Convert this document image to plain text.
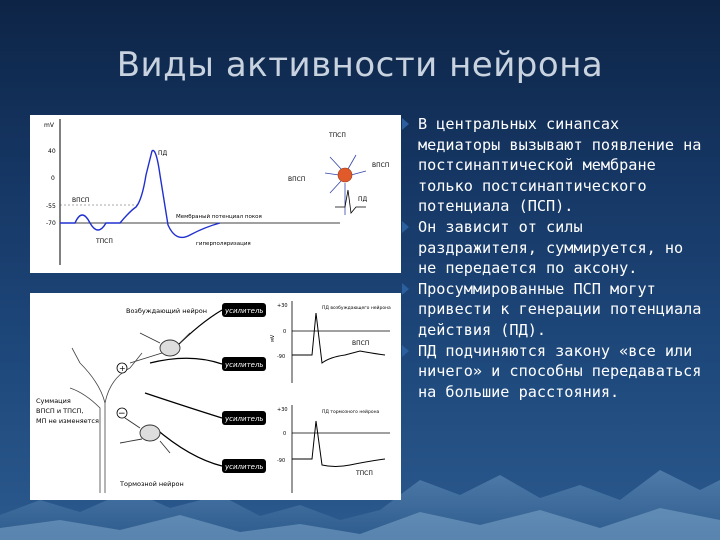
Виды активности нейрона
mV
40
0
-55
-70
ПД
ВПСП
ТПСП
Мембраный потенциал покоя
гиперполяризация
ТПСП
ВПСП
ВПСП
ПД
усилитель
усилитель
усилитель
усилитель
+
−
Возбуждающий нейрон
Тормозной нейрон
Суммация
ВПСП и ТПСП,
МП не изменяется
ПД возбуждающего нейрона
ВПСП
ПД тормозного нейрона
ТПСП
+30
0
-90
+30
0
-90
мV

В центральных синапсах медиаторы вызывают появление на постсинаптической мембране только постсинаптического потенциала (ПСП).

Он зависит от силы раздражителя, суммируется, но не передается по аксону.

Просуммированные ПСП могут привести к генерации потенциала действия (ПД).

ПД подчиняются закону «все или ничего» и способны передаваться на большие расстояния.
